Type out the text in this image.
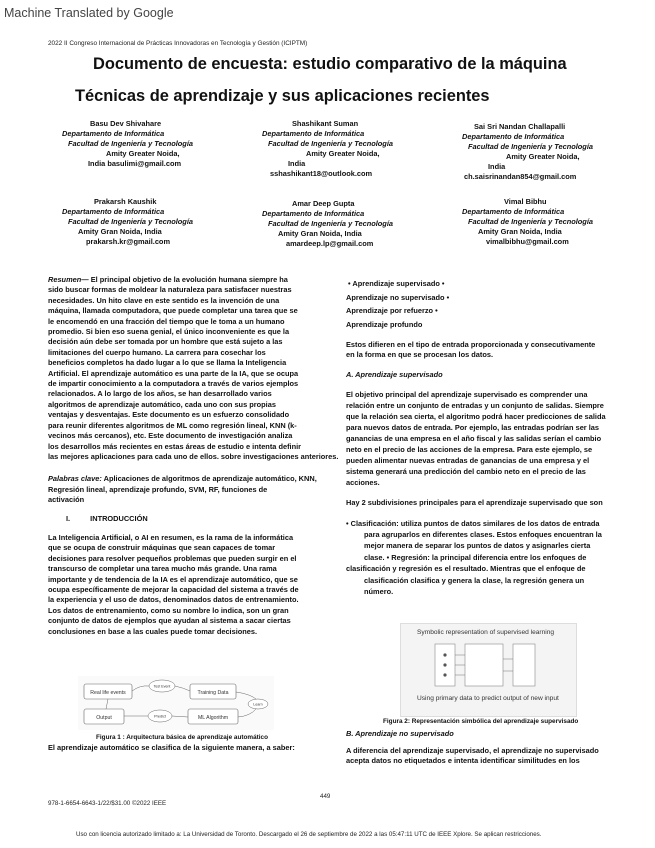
Machine Translated by Google
2022 II Congreso Internacional de Prácticas Innovadoras en Tecnología y Gestión (ICIPTM)
Documento de encuesta: estudio comparativo de la máquina
Técnicas de aprendizaje y sus aplicaciones recientes
Basu Dev Shivahare
Departamento de Informática
Facultad de Ingeniería y Tecnología
Amity Greater Noida,
India basulimi@gmail.com
Shashikant Suman
Departamento de Informática
Facultad de Ingeniería y Tecnología
Amity Greater Noida,
India
sshashikant18@outlook.com
Sai Sri Nandan Challapalli
Departamento de Informática
Facultad de Ingeniería y Tecnología
Amity Greater Noida,
India
ch.saisrinandan854@gmail.com
Prakarsh Kaushik
Departamento de Informática
Facultad de Ingeniería y Tecnología
Amity Gran Noida, India
prakarsh.kr@gmail.com
Amar Deep Gupta
Departamento de Informática
Facultad de Ingeniería y Tecnología
Amity Gran Noida, India
amardeep.lp@gmail.com
Vimal Bibhu
Departamento de Informática
Facultad de Ingeniería y Tecnología
Amity Gran Noida, India
vimalbibhu@gmail.com

Resumen— El principal objetivo de la evolución humana siempre ha
sido buscar formas de moldear la naturaleza para satisfacer nuestras
necesidades. Un hito clave en este sentido es la invención de una
máquina, llamada computadora, que puede completar una tarea que se
le encomendó en una fracción del tiempo que le toma a un humano
promedio. Si bien eso suena genial, el único inconveniente es que la
decisión aún debe ser tomada por un hombre que está sujeto a las
limitaciones del cuerpo humano. La carrera para cosechar los
beneficios completos ha dado lugar a lo que se llama la Inteligencia
Artificial. El aprendizaje automático es una parte de la IA, que se ocupa
de impartir conocimiento a la computadora a través de varios ejemplos
relacionados. A lo largo de los años, se han desarrollado varios
algoritmos de aprendizaje automático, cada uno con sus propias
ventajas y desventajas. Este documento es un esfuerzo consolidado
para reunir diferentes algoritmos de ML como regresión lineal, KNN (k-
vecinos más cercanos), etc. Este documento de investigación analiza
los desarrollos más recientes en estas áreas de estudio e intenta definir
las mejores aplicaciones para cada uno de ellos. sobre investigaciones anteriores.

Palabras clave: Aplicaciones de algoritmos de aprendizaje automático, KNN,
Regresión lineal, aprendizaje profundo, SVM, RF, funciones de
activación

I.	INTRODUCCIÓN

La Inteligencia Artificial, o AI en resumen, es la rama de la informática
que se ocupa de construir máquinas que sean capaces de tomar
decisiones para resolver pequeños problemas que pueden surgir en el
transcurso de completar una tarea mucho más grande. Una rama
importante y de tendencia de la IA es el aprendizaje automático, que se
ocupa específicamente de mejorar la capacidad del sistema a través de
la experiencia y el uso de datos, denominados datos de entrenamiento.
Los datos de entrenamiento, como su nombre lo indica, son un gran
conjunto de datos de ejemplos que ayudan al sistema a sacar ciertas
conclusiones en base a las cuales puede tomar decisiones.

Real life events
Test Event
Training Data
Output	Predict	ML Algorithm
Learn
Figura 1 : Arquitectura básica de aprendizaje automático
El aprendizaje automático se clasifica de la siguiente manera, a saber:

• Aprendizaje supervisado •
Aprendizaje no supervisado •
Aprendizaje por refuerzo •
Aprendizaje profundo

Estos difieren en el tipo de entrada proporcionada y consecutivamente
en la forma en que se procesan los datos.

A. Aprendizaje supervisado

El objetivo principal del aprendizaje supervisado es comprender una
relación entre un conjunto de entradas y un conjunto de salidas. Siempre
que la relación sea cierta, el algoritmo podrá hacer predicciones de salida
para nuevos datos de entrada. Por ejemplo, las entradas podrían ser las
ganancias de una empresa en el año fiscal y las salidas serían el cambio
neto en el precio de las acciones de la empresa. Para este ejemplo, se
pueden alimentar nuevas entradas de ganancias de una empresa y el
sistema generará una predicción del cambio neto en el precio de las
acciones.

Hay 2 subdivisiones principales para el aprendizaje supervisado que son

• Clasificación: utiliza puntos de datos similares de los datos de entrada
para agruparlos en diferentes clases. Estos enfoques encuentran la
mejor manera de separar los puntos de datos y asignarles cierta
clase. • Regresión: la principal diferencia entre los enfoques de
clasificación y regresión es el resultado. Mientras que el enfoque de
clasificación clasifica y genera la clase, la regresión genera un
número.

Symbolic representation of supervised learning
Using primary data to predict output of new input
Figura 2: Representación simbólica del aprendizaje supervisado
B. Aprendizaje no supervisado
A diferencia del aprendizaje supervisado, el aprendizaje no supervisado
acepta datos no etiquetados e intenta identificar similitudes en los
449
978-1-6654-6643-1/22/$31.00 ©2022 IEEE
Uso con licencia autorizado limitado a: La Universidad de Toronto. Descargado el 26 de septiembre de 2022 a las 05:47:11 UTC de IEEE Xplore. Se aplican restricciones.
